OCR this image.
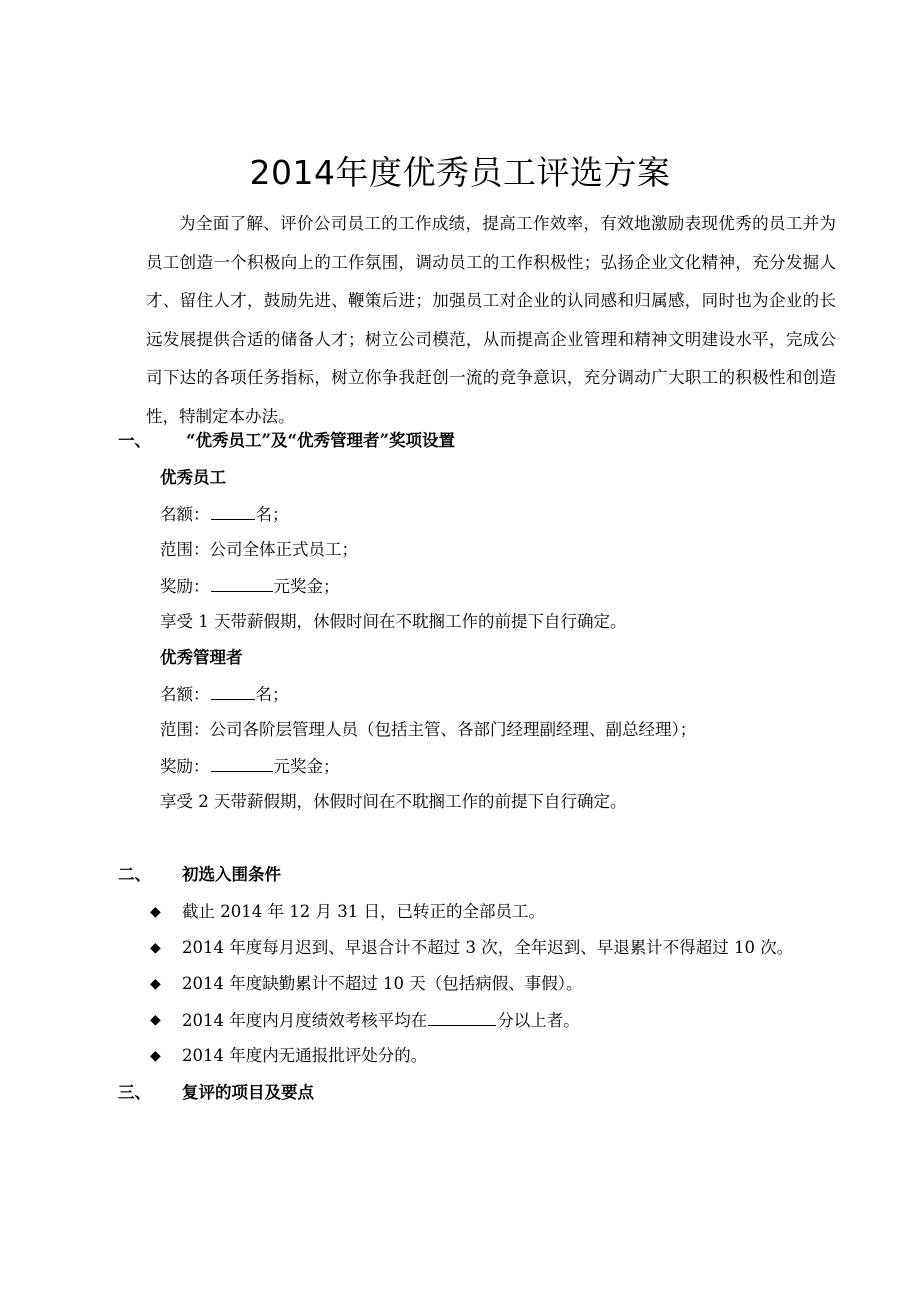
2014年度优秀员工评选方案

为全面了解、评价公司员工的工作成绩，提高工作效率，有效地激励表现优秀的员工并为员工创造一个积极向上的工作氛围，调动员工的工作积极性；弘扬企业文化精神，充分发掘人才、留住人才，鼓励先进、鞭策后进；加强员工对企业的认同感和归属感，同时也为企业的长远发展提供合适的储备人才；树立公司模范，从而提高企业管理和精神文明建设水平，完成公司下达的各项任务指标，树立你争我赶创一流的竞争意识，充分调动广大职工的积极性和创造性，特制定本办法。

一、 “优秀员工”及“优秀管理者”奖项设置
优秀员工
名额：	名；
范围：公司全体正式员工；
奖励：	元奖金；
享受 1 天带薪假期，休假时间在不耽搁工作的前提下自行确定。
优秀管理者
名额：	名；
范围：公司各阶层管理人员（包括主管、各部门经理副经理、副总经理）；
奖励：	元奖金；
享受 2 天带薪假期，休假时间在不耽搁工作的前提下自行确定。
二、 初选入围条件
◆ 截止 2014 年 12 月 31 日，已转正的全部员工。
◆ 2014 年度每月迟到、早退合计不超过 3 次，全年迟到、早退累计不得超过 10 次。
◆ 2014 年度缺勤累计不超过 10 天（包括病假、事假）。
◆ 2014 年度内月度绩效考核平均在	分以上者。
◆ 2014 年度内无通报批评处分的。
三、 复评的项目及要点
